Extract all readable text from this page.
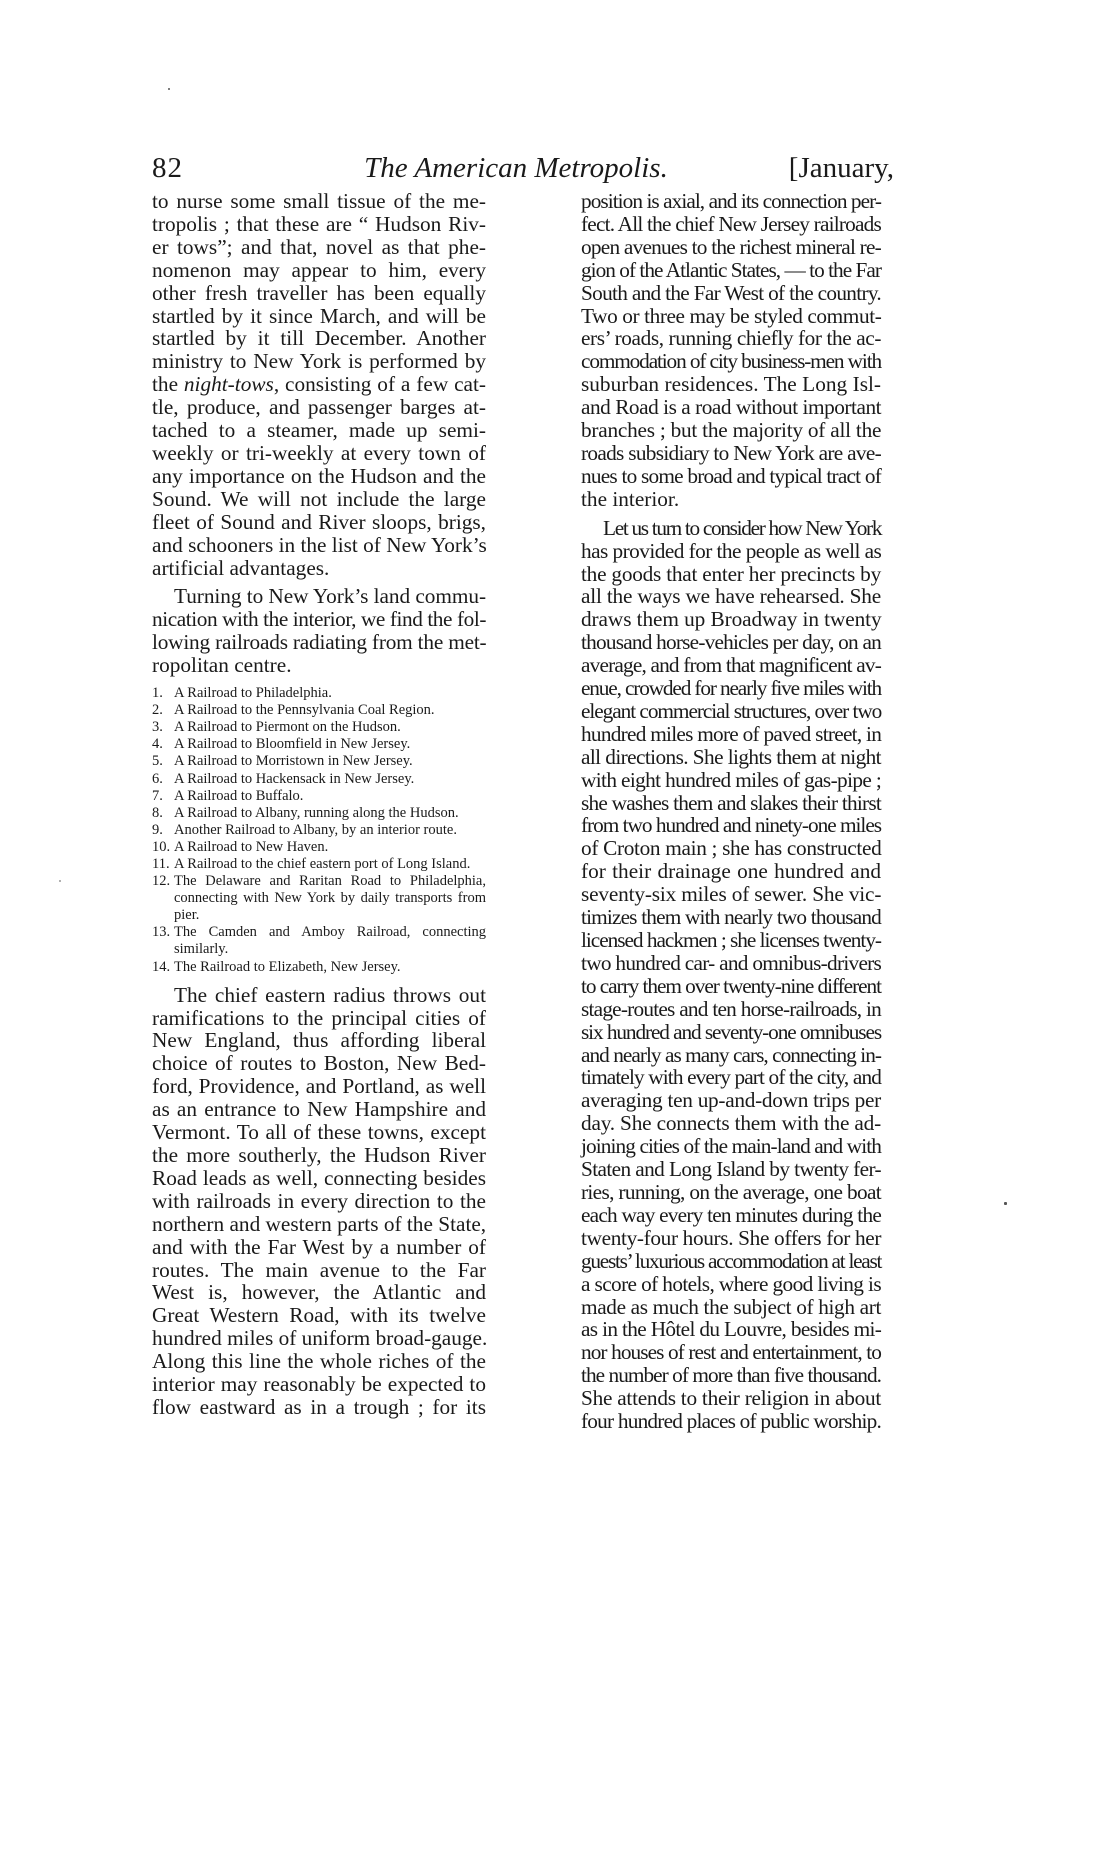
82	The American Metropolis.	[January,

to nurse some small tissue of the me-
tropolis ; that these are “ Hudson Riv-
er tows”; and that, novel as that phe-
nomenon may appear to him, every
other fresh traveller has been equally
startled by it since March, and will be
startled by it till December. Another
ministry to New York is performed by
the night-tows, consisting of a few cat-
tle, produce, and passenger barges at-
tached to a steamer, made up semi-
weekly or tri-weekly at every town of
any importance on the Hudson and the
Sound. We will not include the large
fleet of Sound and River sloops, brigs,
and schooners in the list of New York’s
artificial advantages.

Turning to New York’s land commu-
nication with the interior, we find the fol-
lowing railroads radiating from the met-
ropolitan centre.

1. A Railroad to Philadelphia.
2. A Railroad to the Pennsylvania Coal Region.
3. A Railroad to Piermont on the Hudson.
4. A Railroad to Bloomfield in New Jersey.
5. A Railroad to Morristown in New Jersey.
6. A Railroad to Hackensack in New Jersey.
7. A Railroad to Buffalo.
8. A Railroad to Albany, running along the Hudson.
9. Another Railroad to Albany, by an interior route.
10. A Railroad to New Haven.
11. A Railroad to the chief eastern port of Long Island.
12. The Delaware and Raritan Road to Philadelphia, connecting with New York by daily transports from pier.
13. The Camden and Amboy Railroad, connecting similarly.
14. The Railroad to Elizabeth, New Jersey.

The chief eastern radius throws out
ramifications to the principal cities of
New England, thus affording liberal
choice of routes to Boston, New Bed-
ford, Providence, and Portland, as well
as an entrance to New Hampshire and
Vermont. To all of these towns, except
the more southerly, the Hudson River
Road leads as well, connecting besides
with railroads in every direction to the
northern and western parts of the State,
and with the Far West by a number of
routes. The main avenue to the Far
West is, however, the Atlantic and
Great Western Road, with its twelve
hundred miles of uniform broad-gauge.
Along this line the whole riches of the
interior may reasonably be expected to
flow eastward as in a trough ; for its

position is axial, and its connection per-
fect. All the chief New Jersey railroads
open avenues to the richest mineral re-
gion of the Atlantic States, — to the Far
South and the Far West of the country.
Two or three may be styled commut-
ers’ roads, running chiefly for the ac-
commodation of city business-men with
suburban residences. The Long Isl-
and Road is a road without important
branches ; but the majority of all the
roads subsidiary to New York are ave-
nues to some broad and typical tract of
the interior.

Let us turn to consider how New York
has provided for the people as well as
the goods that enter her precincts by
all the ways we have rehearsed. She
draws them up Broadway in twenty
thousand horse-vehicles per day, on an
average, and from that magnificent av-
enue, crowded for nearly five miles with
elegant commercial structures, over two
hundred miles more of paved street, in
all directions. She lights them at night
with eight hundred miles of gas-pipe ;
she washes them and slakes their thirst
from two hundred and ninety-one miles
of Croton main ; she has constructed
for their drainage one hundred and
seventy-six miles of sewer. She vic-
timizes them with nearly two thousand
licensed hackmen ; she licenses twenty-
two hundred car- and omnibus-drivers
to carry them over twenty-nine different
stage-routes and ten horse-railroads, in
six hundred and seventy-one omnibuses
and nearly as many cars, connecting in-
timately with every part of the city, and
averaging ten up-and-down trips per
day. She connects them with the ad-
joining cities of the main-land and with
Staten and Long Island by twenty fer-
ries, running, on the average, one boat
each way every ten minutes during the
twenty-four hours. She offers for her
guests’ luxurious accommodation at least
a score of hotels, where good living is
made as much the subject of high art
as in the Hôtel du Louvre, besides mi-
nor houses of rest and entertainment, to
the number of more than five thousand.
She attends to their religion in about
four hundred places of public worship.
